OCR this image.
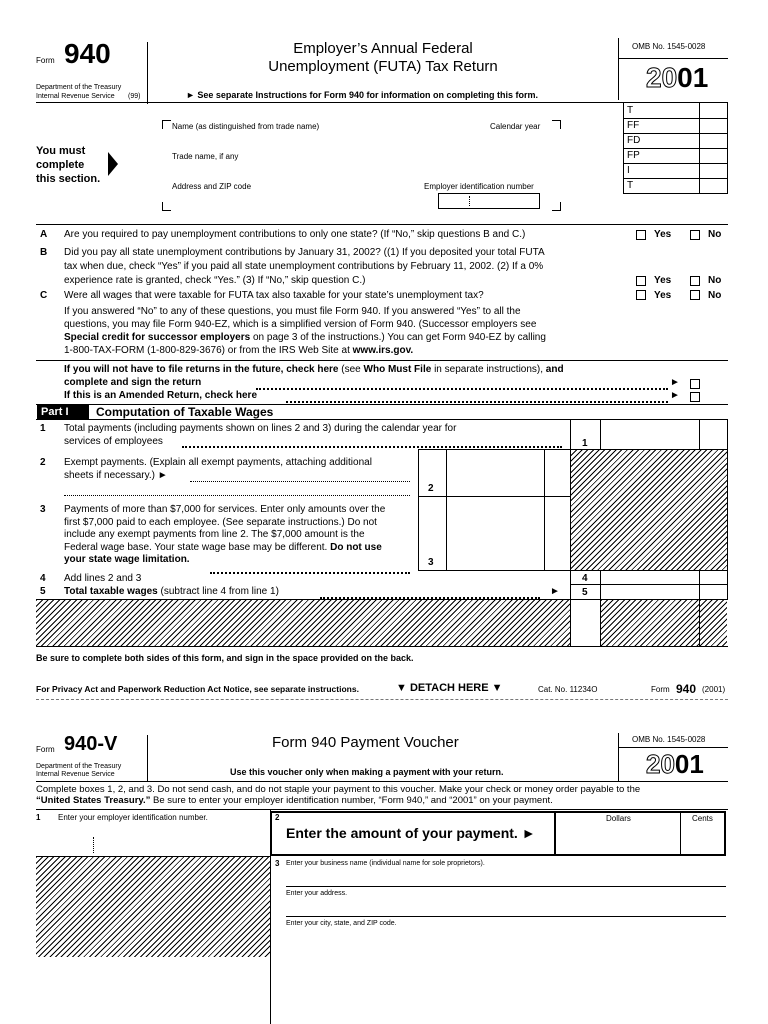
Form 940
Department of the Treasury
Internal Revenue Service (99)
Employer’s Annual Federal
Unemployment (FUTA) Tax Return
► See separate Instructions for Form 940 for information on completing this form.
OMB No. 1545-0028
2001
You must
complete
this section.
Name (as distinguished from trade name)	Calendar year
Trade name, if any
Address and ZIP code	Employer identification number
T
FF
FD
FP
I
T
A Are you required to pay unemployment contributions to only one state? (If “No,” skip questions B and C.)	Yes	No
B Did you pay all state unemployment contributions by January 31, 2002? ((1) If you deposited your total FUTA
tax when due, check “Yes” if you paid all state unemployment contributions by February 11, 2002. (2) If a 0%
experience rate is granted, check “Yes.” (3) If “No,” skip question C.)	Yes	No
C Were all wages that were taxable for FUTA tax also taxable for your state’s unemployment tax?	Yes	No
If you answered “No” to any of these questions, you must file Form 940. If you answered “Yes” to all the
questions, you may file Form 940-EZ, which is a simplified version of Form 940. (Successor employers see
Special credit for successor employers on page 3 of the instructions.) You can get Form 940-EZ by calling
1-800-TAX-FORM (1-800-829-3676) or from the IRS Web Site at www.irs.gov.
If you will not have to file returns in the future, check here (see Who Must File in separate instructions), and
complete and sign the return	►
If this is an Amended Return, check here	►
Part I	Computation of Taxable Wages
1 Total payments (including payments shown on lines 2 and 3) during the calendar year for
services of employees	1
2 Exempt payments. (Explain all exempt payments, attaching additional
sheets if necessary.) ►
2
3 Payments of more than $7,000 for services. Enter only amounts over the
first $7,000 paid to each employee. (See separate instructions.) Do not
include any exempt payments from line 2. The $7,000 amount is the
Federal wage base. Your state wage base may be different. Do not use
your state wage limitation.	3
4 Add lines 2 and 3	4
5 Total taxable wages (subtract line 4 from line 1)	► 5
Be sure to complete both sides of this form, and sign in the space provided on the back.
For Privacy Act and Paperwork Reduction Act Notice, see separate instructions.	▼ DETACH HERE ▼	Cat. No. 11234O	Form 940 (2001)
Form 940-V
Department of the Treasury
Internal Revenue Service
Form 940 Payment Voucher
Use this voucher only when making a payment with your return.
OMB No. 1545-0028
2001
Complete boxes 1, 2, and 3. Do not send cash, and do not staple your payment to this voucher. Make your check or money order payable to the
“United States Treasury.” Be sure to enter your employer identification number, “Form 940,” and “2001” on your payment.
1 Enter your employer identification number.	2
Enter the amount of your payment. ►
Dollars	Cents
3 Enter your business name (individual name for sole proprietors).
Enter your address.
Enter your city, state, and ZIP code.
